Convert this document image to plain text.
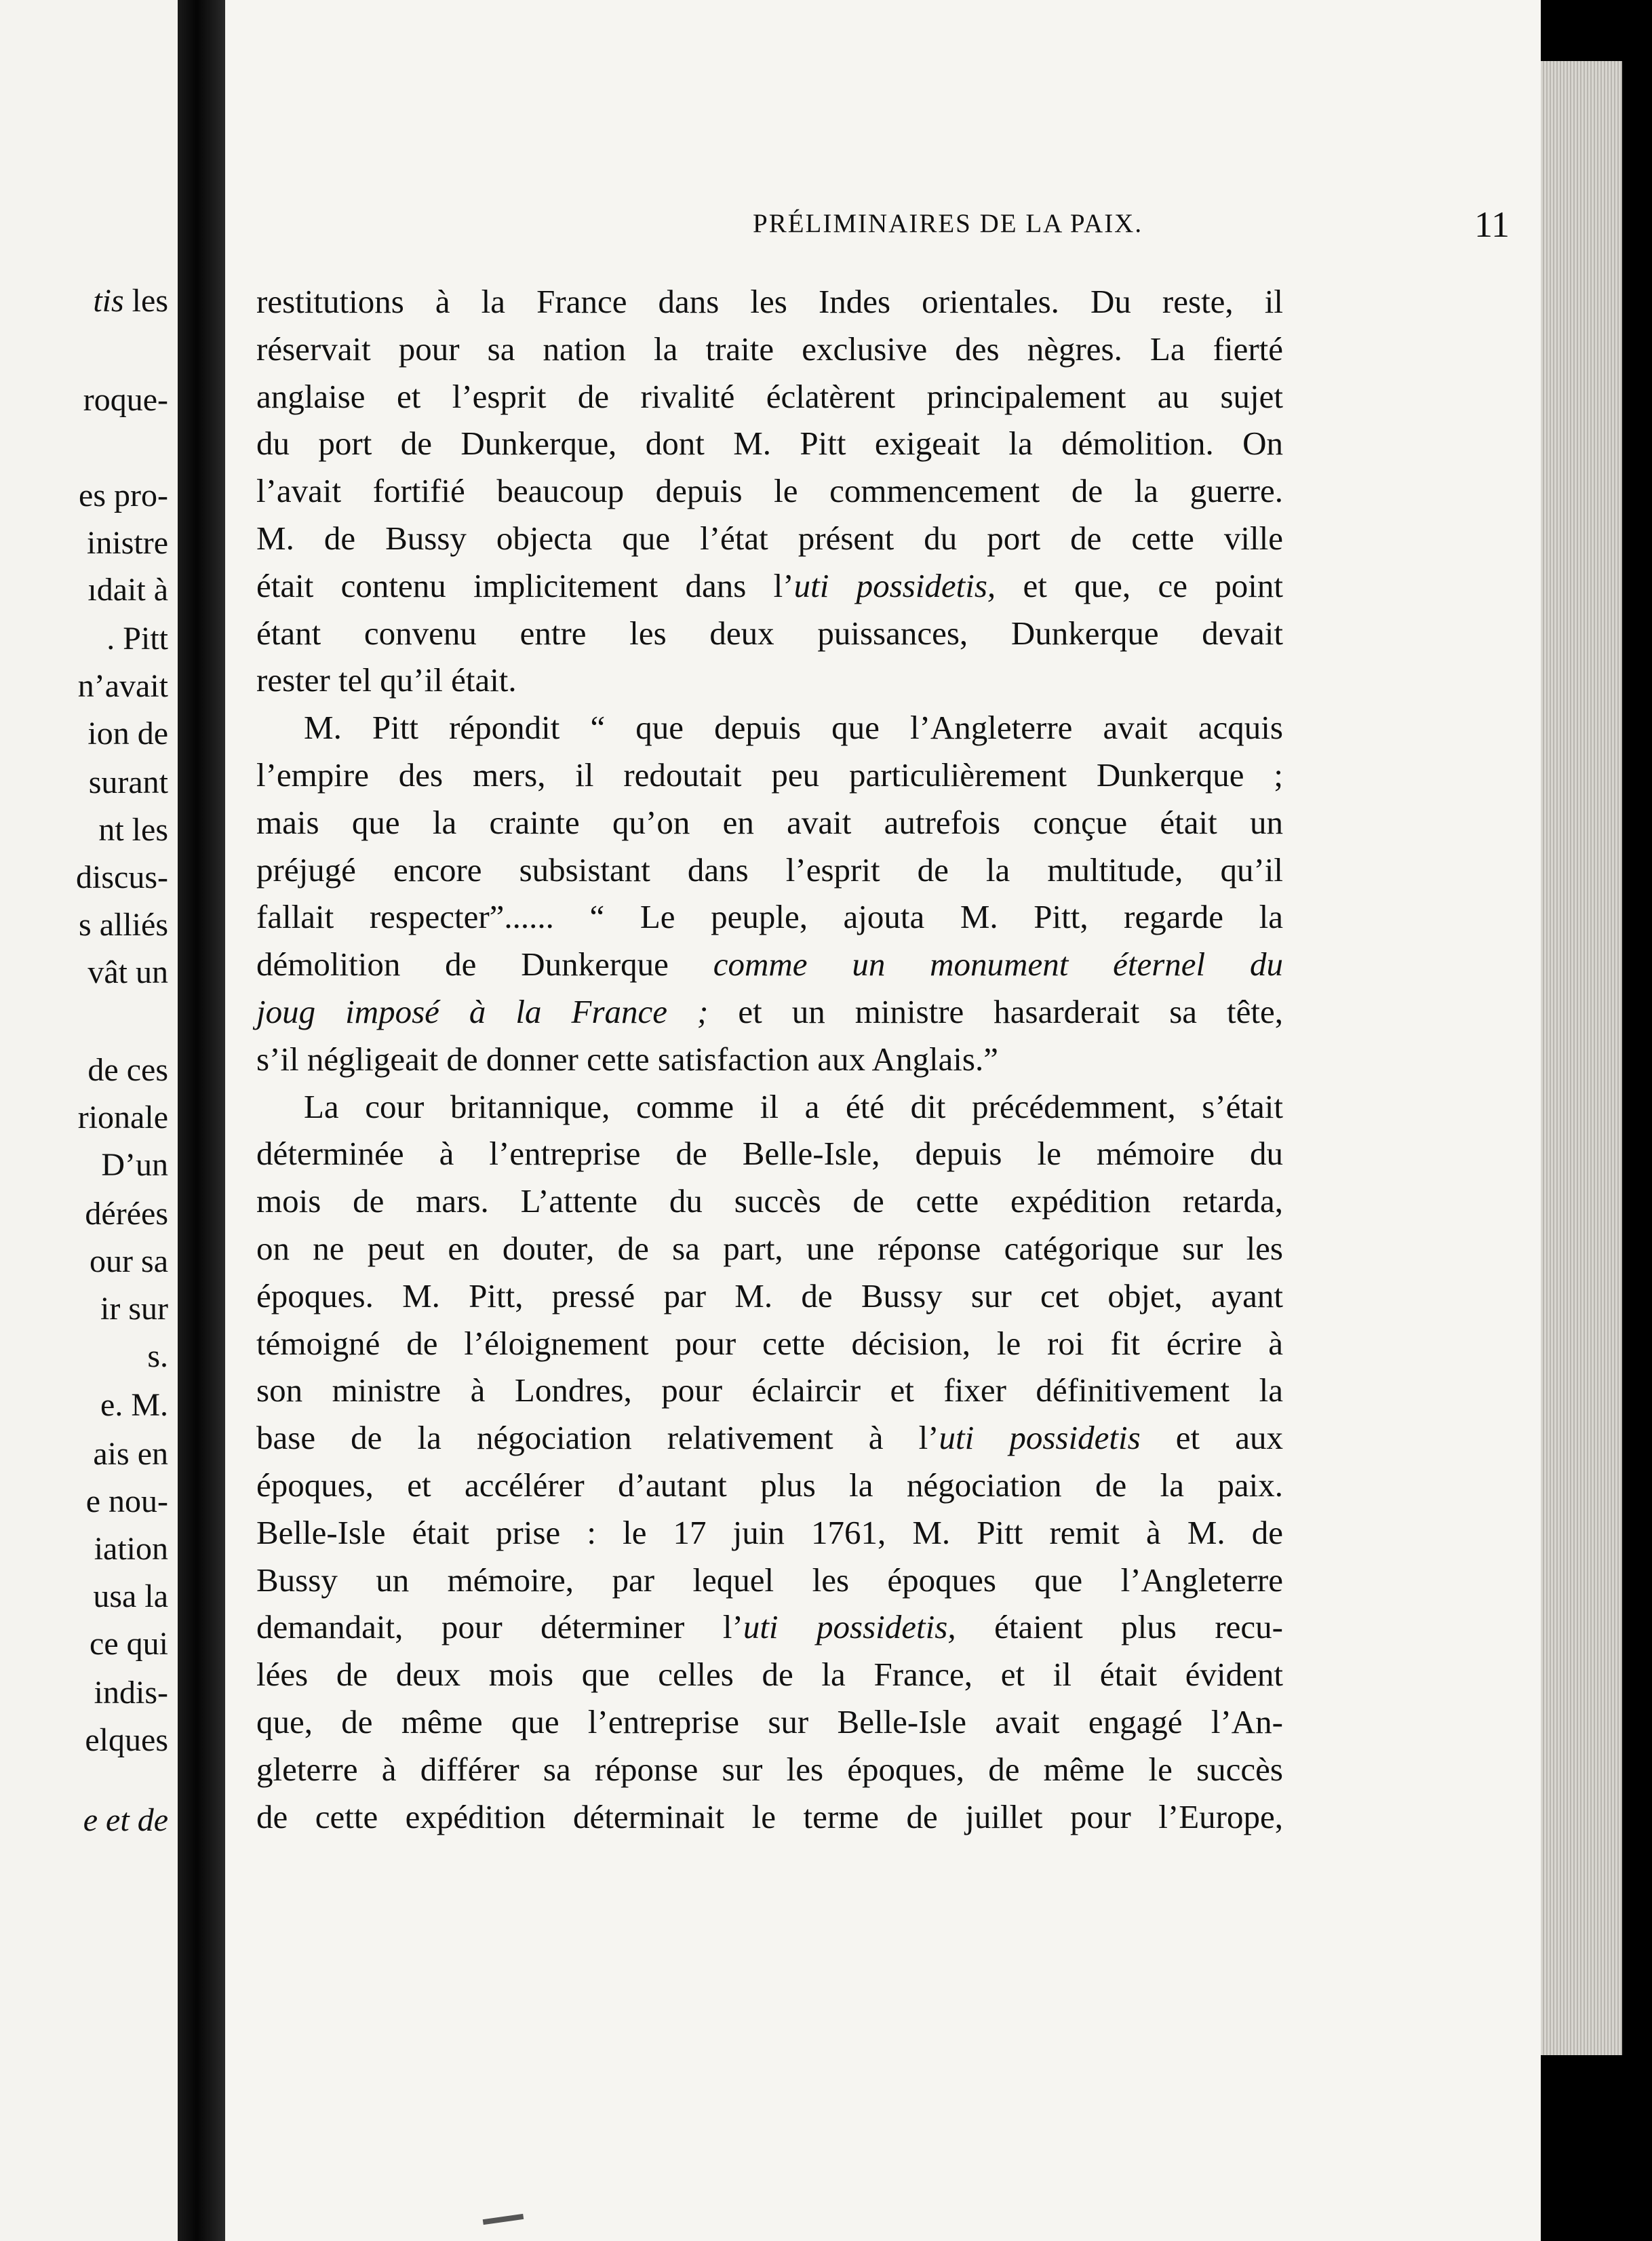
tis les
roque-
es pro-
inistre
ıdait à
. Pitt
n’avait
ion de
surant
nt les
discus-
s alliés
vât un
de ces
rionale
D’un
dérées
our sa
ir sur
s.
e. M.
ais en
e nou-
iation
usa la
ce qui
indis-
elques
e et de
PRÉLIMINAIRES DE LA PAIX.	11
restitutions à la France dans les Indes orientales. Du reste, il
réservait pour sa nation la traite exclusive des nègres. La fierté
anglaise et l’esprit de rivalité éclatèrent principalement au sujet
du port de Dunkerque, dont M. Pitt exigeait la démolition. On
l’avait fortifié beaucoup depuis le commencement de la guerre.
M. de Bussy objecta que l’état présent du port de cette ville
était contenu implicitement dans l’uti possidetis, et que, ce point
étant convenu entre les deux puissances, Dunkerque devait
rester tel qu’il était.
M. Pitt répondit “ que depuis que l’Angleterre avait acquis
l’empire des mers, il redoutait peu particulièrement Dunkerque ;
mais que la crainte qu’on en avait autrefois conçue était un
préjugé encore subsistant dans l’esprit de la multitude, qu’il
fallait respecter”...... “ Le peuple, ajouta M. Pitt, regarde la
démolition de Dunkerque comme un monument éternel du
joug imposé à la France ; et un ministre hasarderait sa tête,
s’il négligeait de donner cette satisfaction aux Anglais.”
La cour britannique, comme il a été dit précédemment, s’était
déterminée à l’entreprise de Belle-Isle, depuis le mémoire du
mois de mars. L’attente du succès de cette expédition retarda,
on ne peut en douter, de sa part, une réponse catégorique sur les
époques. M. Pitt, pressé par M. de Bussy sur cet objet, ayant
témoigné de l’éloignement pour cette décision, le roi fit écrire à
son ministre à Londres, pour éclaircir et fixer définitivement la
base de la négociation relativement à l’uti possidetis et aux
époques, et accélérer d’autant plus la négociation de la paix.
Belle-Isle était prise : le 17 juin 1761, M. Pitt remit à M. de
Bussy un mémoire, par lequel les époques que l’Angleterre
demandait, pour déterminer l’uti possidetis, étaient plus recu-
lées de deux mois que celles de la France, et il était évident
que, de même que l’entreprise sur Belle-Isle avait engagé l’An-
gleterre à différer sa réponse sur les époques, de même le succès
de cette expédition déterminait le terme de juillet pour l’Europe,
